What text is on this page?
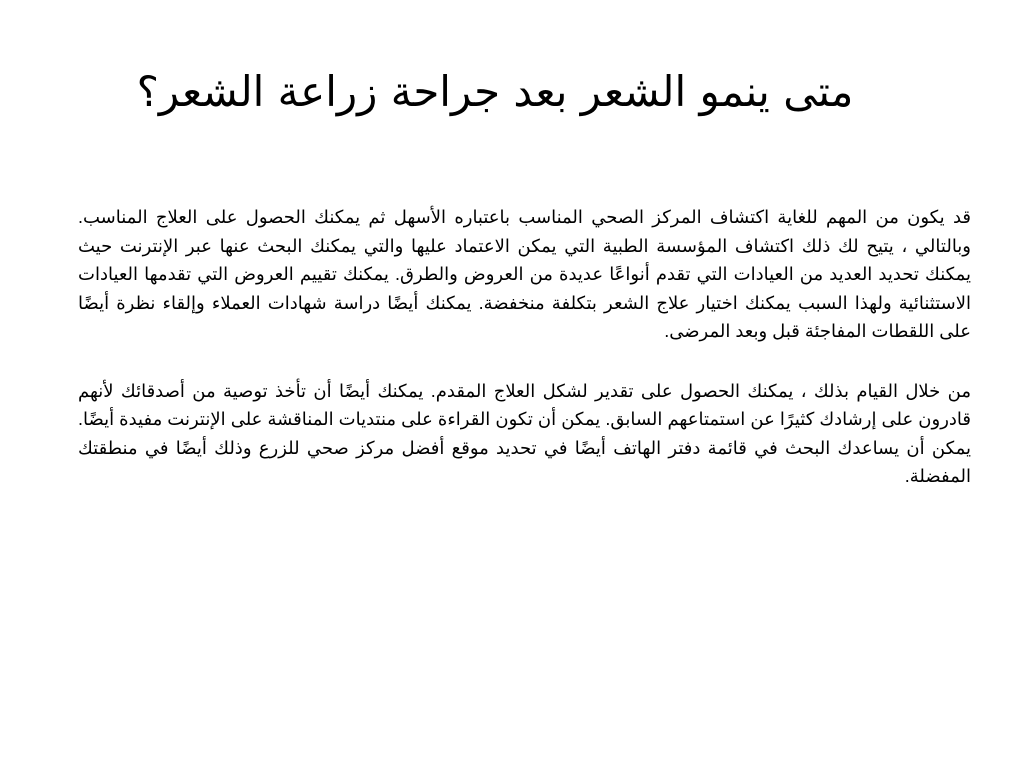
متى ينمو الشعر بعد جراحة زراعة الشعر؟

قد يكون من المهم للغاية اكتشاف المركز الصحي المناسب باعتباره الأسهل ثم يمكنك الحصول على العلاج المناسب. وبالتالي ، يتيح لك ذلك اكتشاف المؤسسة الطبية التي يمكن الاعتماد عليها والتي يمكنك البحث عنها عبر الإنترنت حيث يمكنك تحديد العديد من العيادات التي تقدم أنواعًا عديدة من العروض والطرق. يمكنك تقييم العروض التي تقدمها العيادات الاستثنائية ولهذا السبب يمكنك اختيار علاج الشعر بتكلفة منخفضة. يمكنك أيضًا دراسة شهادات العملاء وإلقاء نظرة أيضًا على اللقطات المفاجئة قبل وبعد المرضى.

من خلال القيام بذلك ، يمكنك الحصول على تقدير لشكل العلاج المقدم. يمكنك أيضًا أن تأخذ توصية من أصدقائك لأنهم قادرون على إرشادك كثيرًا عن استمتاعهم السابق. يمكن أن تكون القراءة على منتديات المناقشة على الإنترنت مفيدة أيضًا. يمكن أن يساعدك البحث في قائمة دفتر الهاتف أيضًا في تحديد موقع أفضل مركز صحي للزرع وذلك أيضًا في منطقتك المفضلة.
